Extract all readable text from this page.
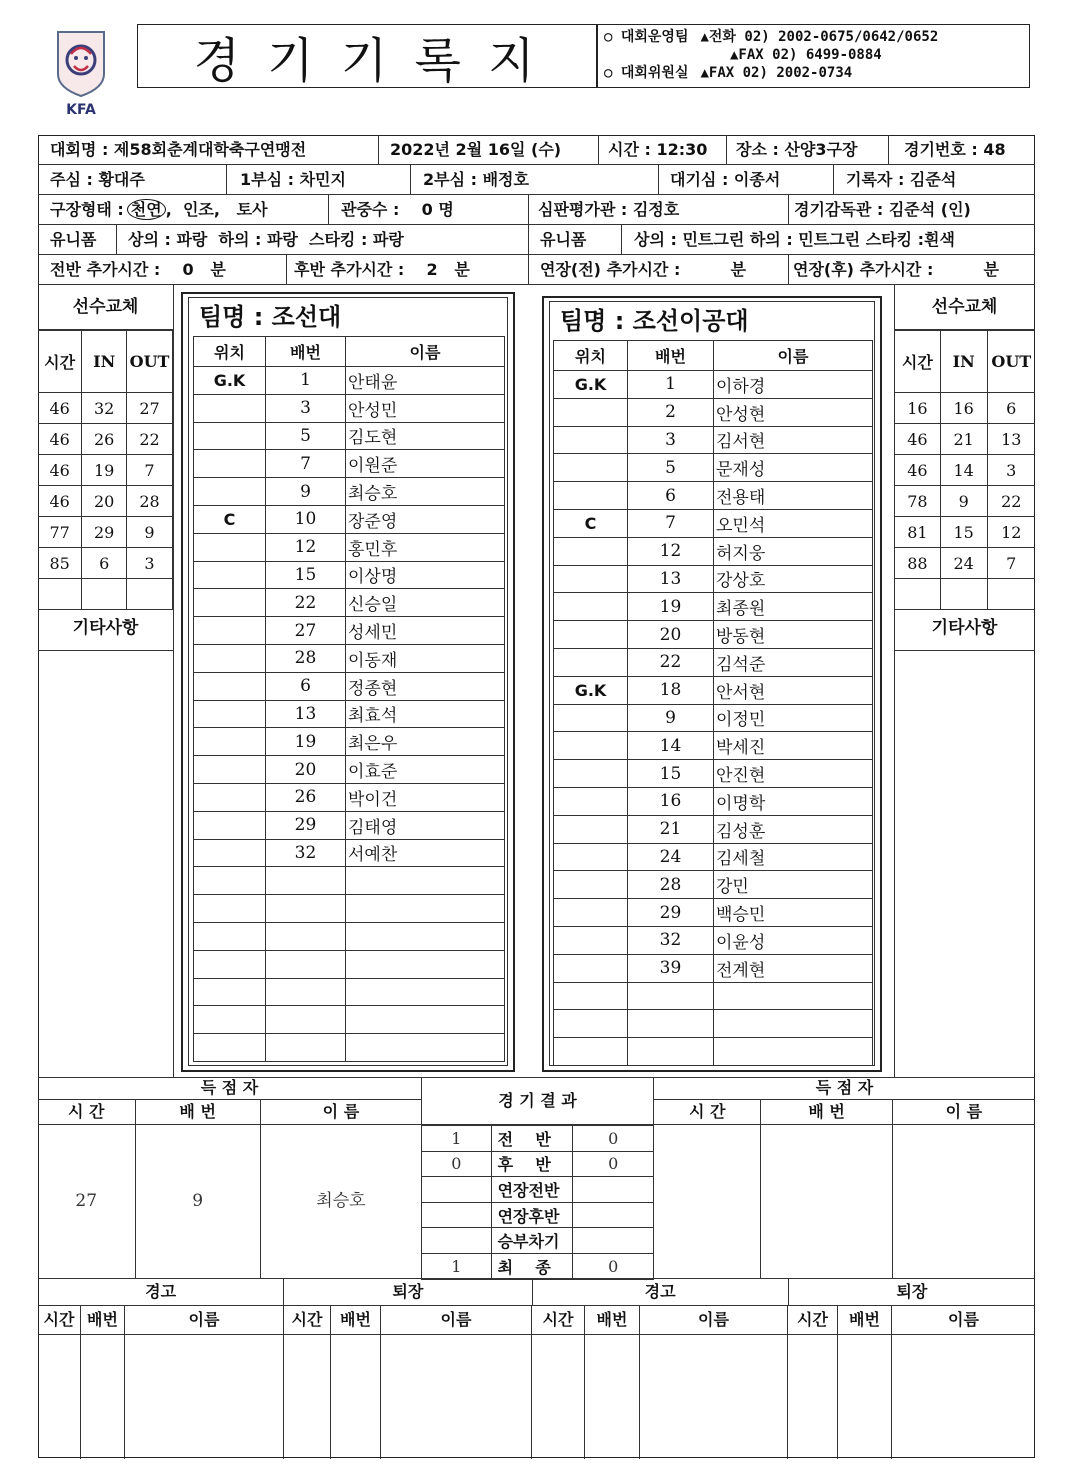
KFA
경 기 기 록 지	○ 대회운영팀 ▲전화 02) 2002-0675/0642/0652
▲FAX 02) 6499-0884
○ 대회위원실 ▲FAX 02) 2002-0734
대회명 : 제58회춘계대학축구연맹전	2022년 2월 16일 (수)	시간 : 12:30 장소 : 산양3구장	경기번호 : 48
주심 : 황대주	1부심 : 차민지	2부심 : 배정호	대기심 : 이종서	기록자 : 김준석
구장형태 : 천연 ,  인조,   토사	관중수 :    0 명	심판평가관 : 김정호	경기감독관 : 김준석 (인)
유니폼 상의 : 파랑  하의 : 파랑  스타킹 : 파랑	유니폼	상의 : 민트그린 하의 : 민트그린 스타킹 :흰색
전반 추가시간 :    0   분	후반 추가시간 :    2   분	연장(전) 추가시간 :         분	연장(후) 추가시간 :         분
선수교체
시간	IN	OUT
46	32	27
46	26	22
46	19	7
46	20	28
77	29	9
85	6	3

기타사항
선수교체
시간	IN	OUT
16	16	6
46	21	13
46	14	3
78	9	22
81	15	12
88	24	7

기타사항
팀명 : 조선대
위치	배번	이름
G.K	1	안태윤
	3	안성민
	5	김도현
	7	이원준
	9	최승호
C	10	장준영
	12	홍민후
	15	이상명
	22	신승일
	27	성세민
	28	이동재
	6	정종현
	13	최효석
	19	최은우
	20	이효준
	26	박이건
	29	김태영
	32	서예찬

팀명 : 조선이공대
위치	배번	이름
G.K	1	이하경
	2	안성현
	3	김서현
	5	문재성
	6	전용태
C	7	오민석
	12	허지웅
	13	강상호
	19	최종원
	20	방동현
	22	김석준
G.K	18	안서현
	9	이정민
	14	박세진
	15	안진현
	16	이명학
	21	김성훈
	24	김세철
	28	강민
	29	백승민
	32	이윤성
	39	전계현

득 점 자
시 간	배 번	이 름
27	9	최승호
경 기 결 과
1	전    반	0
0	후    반	0
	연장전반	
	연장후반	
	승부차기	
1	최    종	0
득 점 자
시 간	배 번	이 름
경고	퇴장	경고	퇴장
시간 배번	이름	시간	배번	이름	시간	배번	이름	시간	배번	이름
